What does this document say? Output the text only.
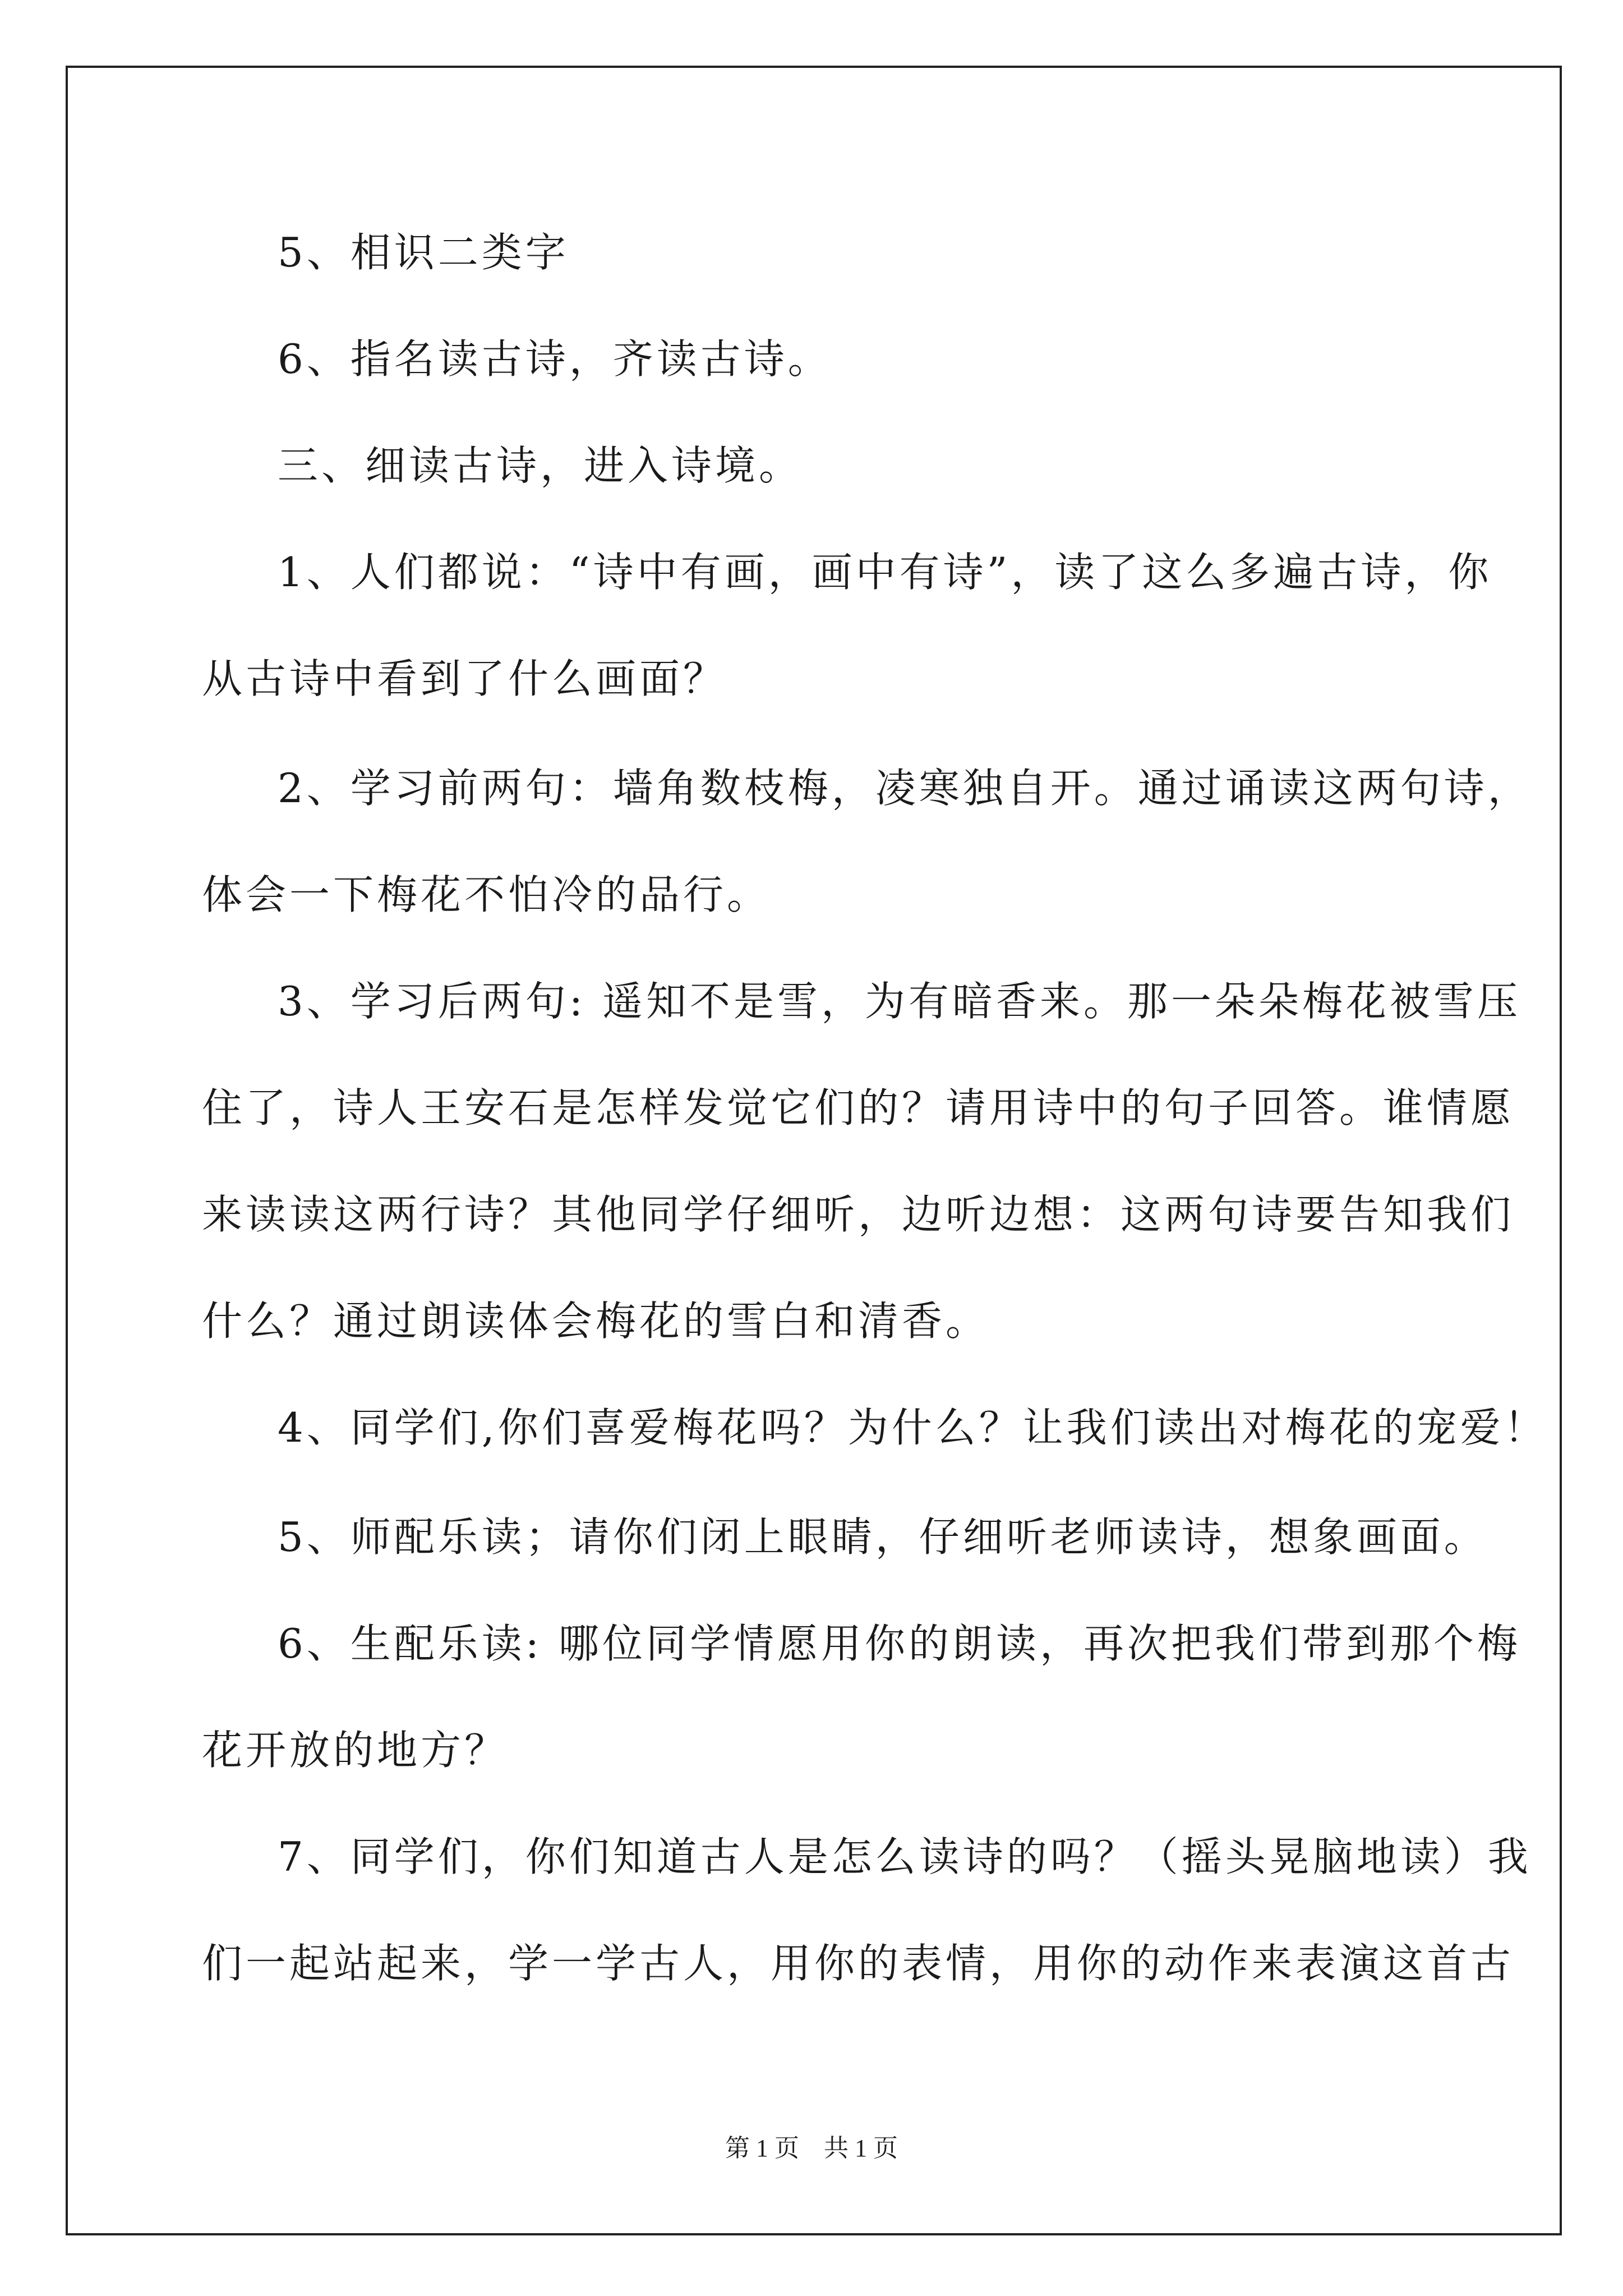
5、相识二类字
6、指名读古诗，齐读古诗。
三、细读古诗，进入诗境。
1、人们都说：“诗中有画，画中有诗”，读了这么多遍古诗，你
从古诗中看到了什么画面？
2、学习前两句：墙角数枝梅，凌寒独自开。通过诵读这两句诗，
体会一下梅花不怕冷的品行。
3、学习后两句: 遥知不是雪，为有暗香来。那一朵朵梅花被雪压
住了，诗人王安石是怎样发觉它们的？请用诗中的句子回答。谁情愿
来读读这两行诗？其他同学仔细听，边听边想：这两句诗要告知我们
什么？通过朗读体会梅花的雪白和清香。
4、同学们,你们喜爱梅花吗？为什么？让我们读出对梅花的宠爱！
5、师配乐读；请你们闭上眼睛，仔细听老师读诗，想象画面。
6、生配乐读: 哪位同学情愿用你的朗读，再次把我们带到那个梅
花开放的地方？
7、同学们，你们知道古人是怎么读诗的吗？（摇头晃脑地读）我
们一起站起来，学一学古人，用你的表情，用你的动作来表演这首古
第 1 页　共 1 页
